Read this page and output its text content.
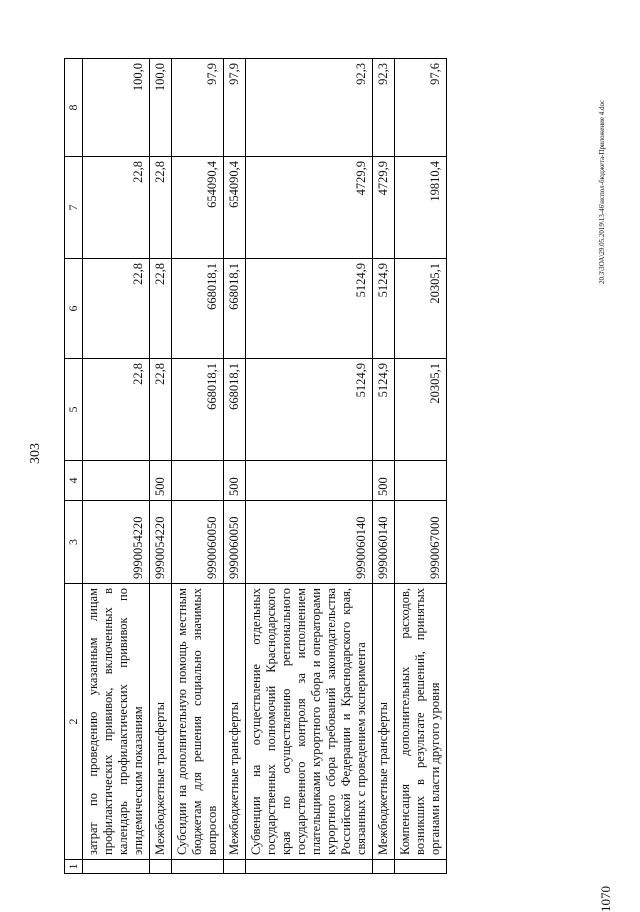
303
1	2	3	4	5	6	7	8
	затрат по проведению указанным лицам профилактических прививок, включенных в календарь профилактических прививок по эпидемическим показаниям	9990054220		22,8	22,8	22,8	100,0
	Межбюджетные трансферты	9990054220	500	22,8	22,8	22,8	100,0
	Субсидии на дополнительную помощь местным бюджетам для решения социально значимых вопросов	9990060050		668018,1	668018,1	654090,4	97,9
	Межбюджетные трансферты	9990060050	500	668018,1	668018,1	654090,4	97,9
	Субвенции на осуществление отдельных государственных полномочий Краснодарского края по осуществлению регионального государственного контроля за исполнением плательщиками курортного сбора и операторами курортного сбора требований законодательства Российской Федерации и Краснодарского края, связанных с проведением эксперимента	9990060140		5124,9	5124,9	4729,9	92,3
	Межбюджетные трансферты	9990060140	500	5124,9	5124,9	4729,9	92,3
	Компенсация дополнительных расходов, возникших в результате решений, принятых органами власти другого уровня	9990067000		20305,1	20305,1	19810,4	97,6
1070
20.3\ЗОА\29.05.2019\13-46\испол-бюджета-Приложение 4.doc
